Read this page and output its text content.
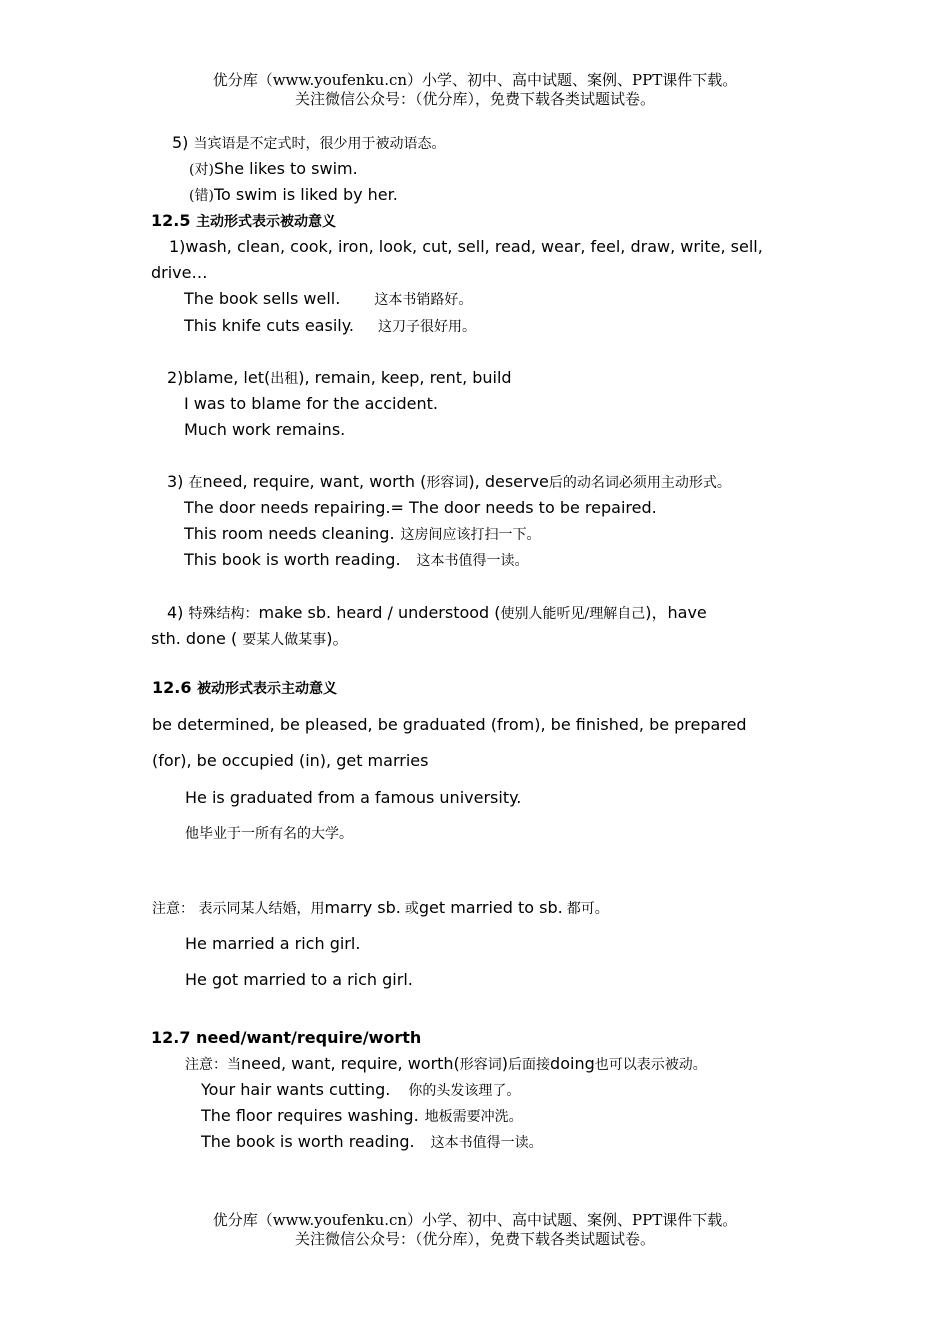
优分库（www.youfenku.cn）小学、初中、高中试题、案例、PPT课件下载。
关注微信公众号：（优分库），免费下载各类试题试卷。
5) 当宾语是不定式时，很少用于被动语态。
(对)She likes to swim.
(错)To swim is liked by her.
12.5 主动形式表示被动意义
1)wash, clean, cook, iron, look, cut, sell, read, wear, feel, draw, write, sell,
drive…
The book sells well. 这本书销路好。
This knife cuts easily. 这刀子很好用。
2)blame, let(出租), remain, keep, rent, build
I was to blame for the accident.
Much work remains.
3) 在need, require, want, worth (形容词), deserve后的动名词必须用主动形式。
The door needs repairing.= The door needs to be repaired.
This room needs cleaning. 这房间应该打扫一下。
This book is worth reading. 这本书值得一读。
4) 特殊结构：make sb. heard / understood (使别人能听见/理解自己)，have
sth. done ( 要某人做某事)。
12.6 被动形式表示主动意义
be determined, be pleased, be graduated (from), be finished, be prepared
(for), be occupied (in), get marries
He is graduated from a famous university.
他毕业于一所有名的大学。
注意： 表示同某人结婚，用marry sb. 或get married to sb. 都可。
He married a rich girl.
He got married to a rich girl.
12.7 need/want/require/worth
注意：当need, want, require, worth(形容词)后面接doing也可以表示被动。
Your hair wants cutting. 你的头发该理了。
The floor requires washing. 地板需要冲洗。
The book is worth reading. 这本书值得一读。
优分库（www.youfenku.cn）小学、初中、高中试题、案例、PPT课件下载。
关注微信公众号：（优分库），免费下载各类试题试卷。
